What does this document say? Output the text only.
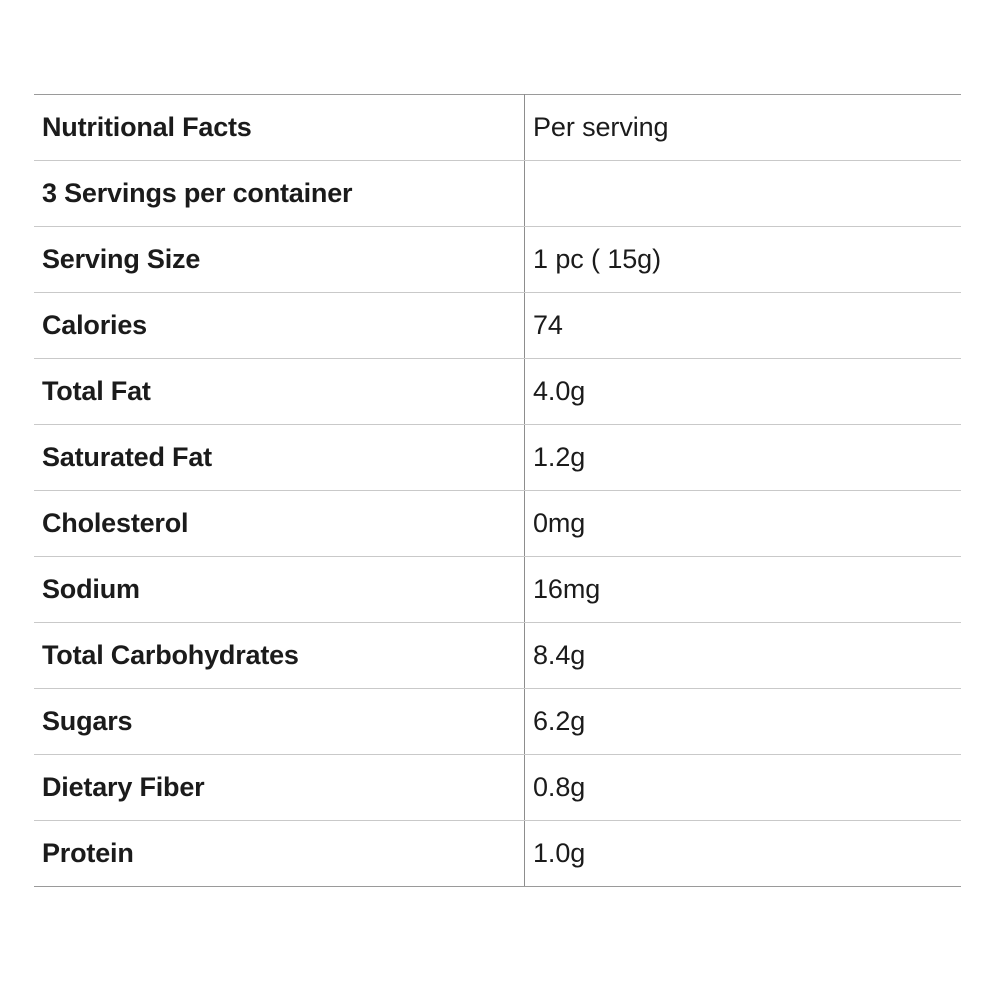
Nutritional Facts	Per serving
3 Servings per container	
Serving Size	1 pc ( 15g)
Calories	74
Total Fat	4.0g
Saturated Fat	1.2g
Cholesterol	0mg
Sodium	16mg
Total Carbohydrates	8.4g
Sugars	6.2g
Dietary Fiber	0.8g
Protein	1.0g
